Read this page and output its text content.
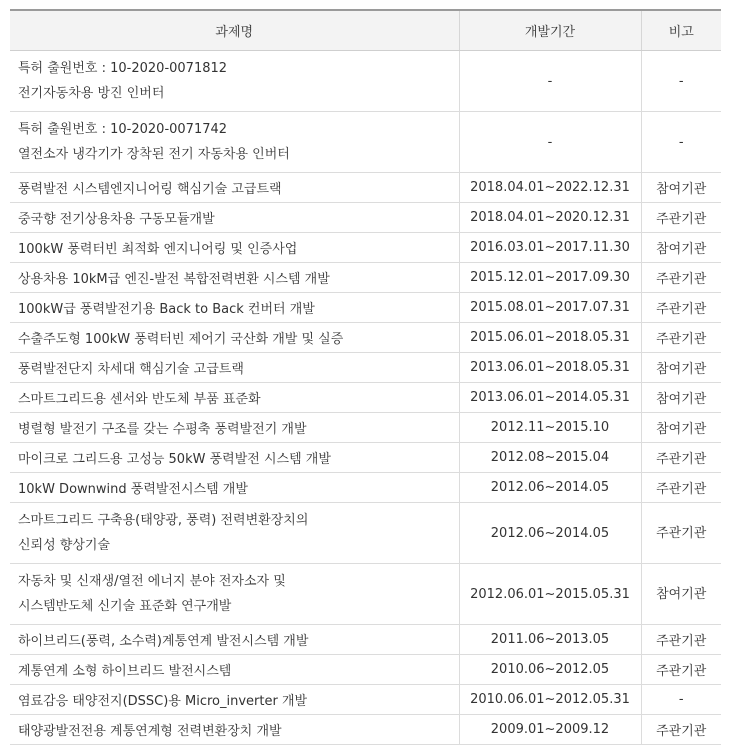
과제명	개발기간	비고

특허 출원번호 : 10-2020-0071812
전기자동차용 방진 인버터	-	-

특허 출원번호 : 10-2020-0071742
열전소자 냉각기가 장착된 전기 자동차용 인버터	-	-

풍력발전 시스템엔지니어링 핵심기술 고급트랙	2018.04.01~2022.12.31	참여기관

중국향 전기상용차용 구동모듈개발	2018.04.01~2020.12.31	주관기관

100kW 풍력터빈 최적화 엔지니어링 및 인증사업	2016.03.01~2017.11.30	참여기관

상용차용 10kM급 엔진-발전 복합전력변환 시스템 개발	2015.12.01~2017.09.30	주관기관

100kW급 풍력발전기용 Back to Back 컨버터 개발	2015.08.01~2017.07.31	주관기관

수출주도형 100kW 풍력터빈 제어기 국산화 개발 및 실증	2015.06.01~2018.05.31	주관기관

풍력발전단지 차세대 핵심기술 고급트랙	2013.06.01~2018.05.31	참여기관

스마트그리드용 센서와 반도체 부품 표준화	2013.06.01~2014.05.31	참여기관

병렬형 발전기 구조를 갖는 수평축 풍력발전기 개발	2012.11~2015.10	참여기관

마이크로 그리드용 고성능 50kW 풍력발전 시스템 개발	2012.08~2015.04	주관기관

10kW Downwind 풍력발전시스템 개발	2012.06~2014.05	주관기관

스마트그리드 구축용(태양광, 풍력) 전력변환장치의
신뢰성 향상기술	2012.06~2014.05	주관기관

자동차 및 신재생/열전 에너지 분야 전자소자 및
시스템반도체 신기술 표준화 연구개발	2012.06.01~2015.05.31	참여기관

하이브리드(풍력, 소수력)계통연계 발전시스템 개발	2011.06~2013.05	주관기관

계통연계 소형 하이브리드 발전시스템	2010.06~2012.05	주관기관

염료감응 태양전지(DSSC)용 Micro_inverter 개발	2010.06.01~2012.05.31	-

태양광발전전용 계통연계형 전력변환장치 개발	2009.01~2009.12	주관기관
